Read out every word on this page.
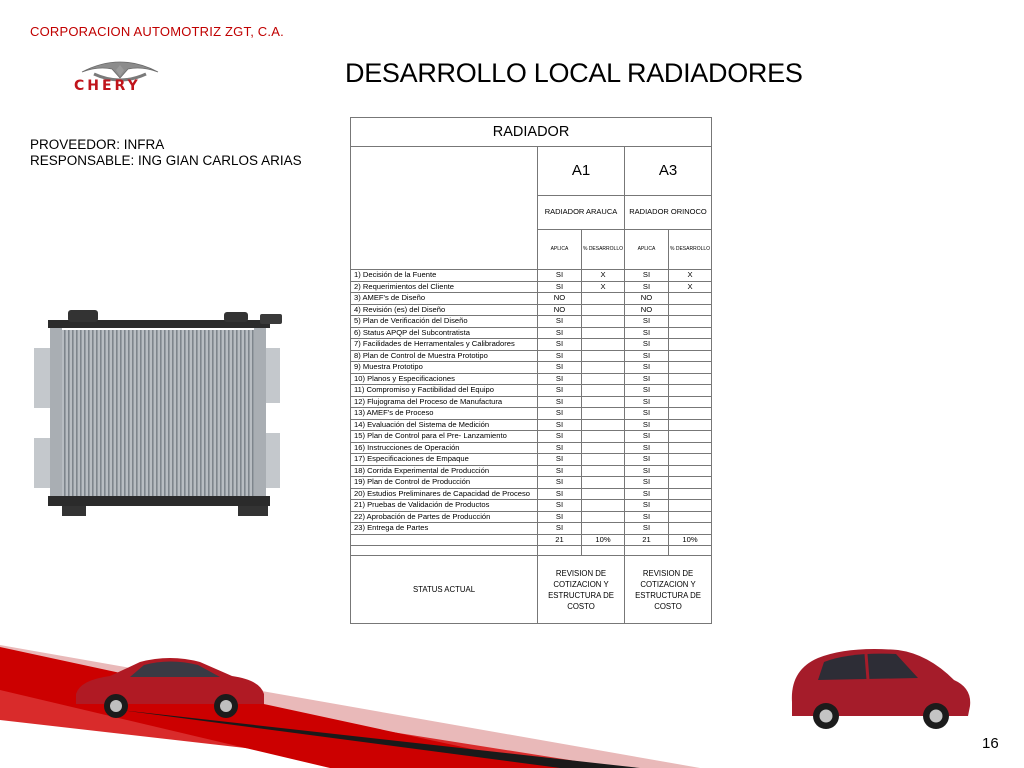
CORPORACION AUTOMOTRIZ ZGT, C.A.
CHERY	DESARROLLO LOCAL RADIADORES
PROVEEDOR: INFRA
RESPONSABLE: ING GIAN CARLOS ARIAS
RADIADOR				
	A1		A3	
	RADIADOR ARAUCA		RADIADOR ORINOCO	
	APLICA	% DESARROLLO	APLICA	% DESARROLLO
1) Decisión de la Fuente	SI	X	SI	X
2) Requerimientos del Cliente	SI	X	SI	X
3) AMEF's de Diseño	NO		NO	
4) Revisión (es) del Diseño	NO		NO	
5) Plan de Verificación del Diseño	SI		SI	
6) Status APQP del Subcontratista	SI		SI	
7) Facilidades de Herramentales y Calibradores	SI		SI	
8) Plan de Control de Muestra Prototipo	SI		SI	
9) Muestra Prototipo	SI		SI	
10) Planos y Especificaciones	SI		SI	
11) Compromiso y Factibilidad del Equipo	SI		SI	
12) Flujograma del Proceso de Manufactura	SI		SI	
13) AMEF's de Proceso	SI		SI	
14) Evaluación del Sistema de Medición	SI		SI	
15) Plan de Control para el Pre- Lanzamiento	SI		SI	
16) Instrucciones de Operación	SI		SI	
17) Especificaciones de Empaque	SI		SI	
18) Corrida Experimental de Producción	SI		SI	
19) Plan de Control de Producción	SI		SI	
20) Estudios Preliminares de Capacidad de Proceso	SI		SI	
21) Pruebas de Validación de Productos	SI		SI	
22) Aprobación de Partes de Producción	SI		SI	
23) Entrega de Partes	SI		SI	
	21	10%	21	10%

STATUS ACTUAL	REVISION DE COTIZACION Y ESTRUCTURA DE COSTO		REVISION DE COTIZACION Y ESTRUCTURA DE COSTO	
16
